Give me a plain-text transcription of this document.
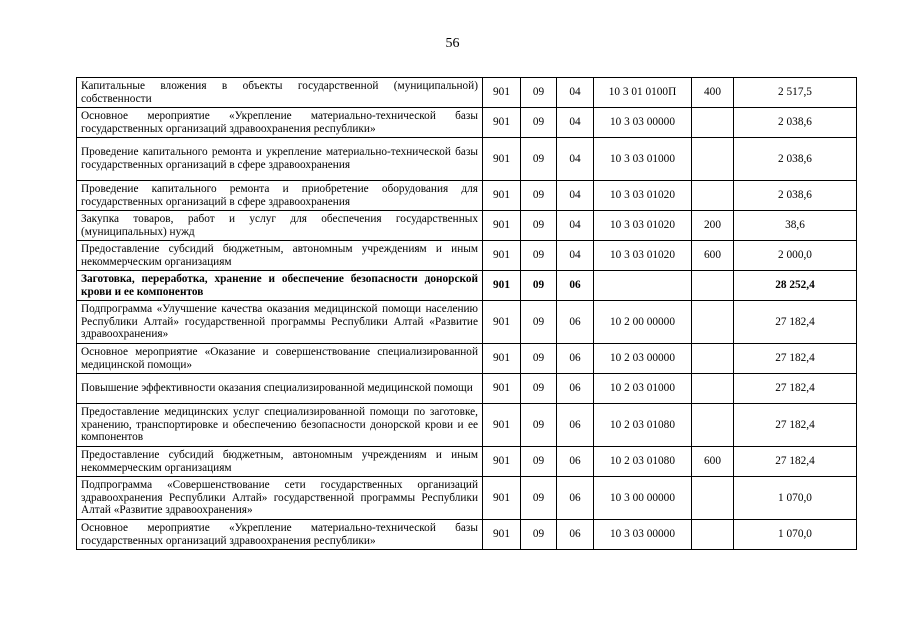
56
Капитальные вложения в объекты государственной (муниципальной) собственности	901	09	04	10 3 01 0100П	400	2 517,5
Основное мероприятие «Укрепление материально-технической базы государственных организаций здравоохранения республики»	901	09	04	10 3 03 00000		2 038,6
Проведение капитального ремонта и укрепление материально-технической базы государственных организаций в сфере здравоохранения	901	09	04	10 3 03 01000		2 038,6
Проведение капитального ремонта и приобретение оборудования для государственных организаций в сфере здравоохранения	901	09	04	10 3 03 01020		2 038,6
Закупка товаров, работ и услуг для обеспечения государственных (муниципальных) нужд	901	09	04	10 3 03 01020	200	38,6
Предоставление субсидий бюджетным, автономным учреждениям и иным некоммерческим организациям	901	09	04	10 3 03 01020	600	2 000,0
Заготовка, переработка, хранение и обеспечение безопасности донорской крови и ее компонентов	901	09	06			28 252,4
Подпрограмма «Улучшение качества оказания медицинской помощи населению Республики Алтай» государственной программы Республики Алтай «Развитие здравоохранения»	901	09	06	10 2 00 00000		27 182,4
Основное мероприятие «Оказание и совершенствование специализированной медицинской помощи»	901	09	06	10 2 03 00000		27 182,4
Повышение эффективности оказания специализированной медицинской помощи	901	09	06	10 2 03 01000		27 182,4
Предоставление медицинских услуг специализированной помощи по заготовке, хранению, транспортировке и обеспечению безопасности донорской крови и ее компонентов	901	09	06	10 2 03 01080		27 182,4
Предоставление субсидий бюджетным, автономным учреждениям и иным некоммерческим организациям	901	09	06	10 2 03 01080	600	27 182,4
Подпрограмма «Совершенствование сети государственных организаций здравоохранения Республики Алтай» государственной программы Республики Алтай «Развитие здравоохранения»	901	09	06	10 3 00 00000		1 070,0
Основное мероприятие «Укрепление материально-технической базы государственных организаций здравоохранения республики»	901	09	06	10 3 03 00000		1 070,0
